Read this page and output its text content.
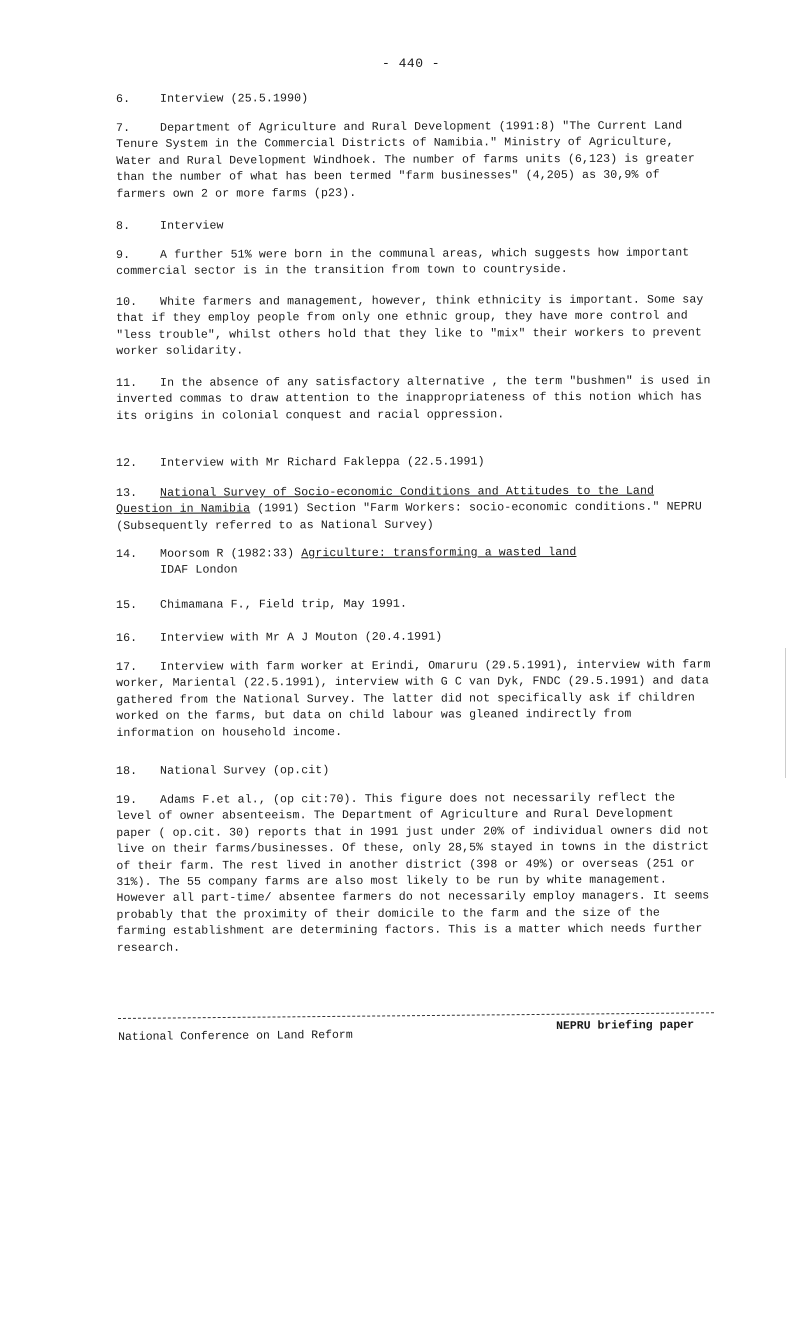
- 440 -
6.	Interview (25.5.1990)
7.	Department of Agriculture and Rural Development (1991:8) "The Current Land Tenure System in the Commercial Districts of Namibia." Ministry of Agriculture, Water and Rural Development Windhoek. The number of farms units (6,123) is greater than the number of what has been termed "farm businesses" (4,205) as 30,9% of farmers own 2 or more farms (p23).
8.	Interview
9.	A further 51% were born in the communal areas, which suggests how important commercial sector is in the transition from town to countryside.
10. White farmers and management, however, think ethnicity is important. Some say that if they employ people from only one ethnic group, they have more control and "less trouble", whilst others hold that they like to "mix" their workers to prevent worker solidarity.
11. In the absence of any satisfactory alternative , the term "bushmen" is used in inverted commas to draw attention to the inappropriateness of this notion which has its origins in colonial conquest and racial oppression.
12. Interview with Mr Richard Fakleppa (22.5.1991)
13. National Survey of Socio-economic Conditions and Attitudes to the Land Question in Namibia (1991) Section "Farm Workers: socio-economic conditions." NEPRU (Subsequently referred to as National Survey)
14. Moorsom R (1982:33) Agriculture: transforming a wasted land
IDAF London
15. Chimamana F., Field trip, May 1991.
16. Interview with Mr A J Mouton (20.4.1991)
17. Interview with farm worker at Erindi, Omaruru (29.5.1991), interview with farm worker, Mariental (22.5.1991), interview with G C van Dyk, FNDC (29.5.1991) and data gathered from the National Survey. The latter did not specifically ask if children worked on the farms, but data on child labour was gleaned indirectly from information on household income.
18. National Survey (op.cit)
19. Adams F.et al., (op cit:70). This figure does not necessarily reflect the level of owner absenteeism. The Department of Agriculture and Rural Development paper ( op.cit. 30) reports that in 1991 just under 20% of individual owners did not live on their farms/businesses. Of these, only 28,5% stayed in towns in the district of their farm. The rest lived in another district (398 or 49%) or overseas (251 or 31%). The 55 company farms are also most likely to be run by white management. However all part-time/ absentee farmers do not necessarily employ managers. It seems probably that the proximity of their domicile to the farm and the size of the farming establishment are determining factors. This is a matter which needs further research.
National Conference on Land Reform
NEPRU briefing paper
